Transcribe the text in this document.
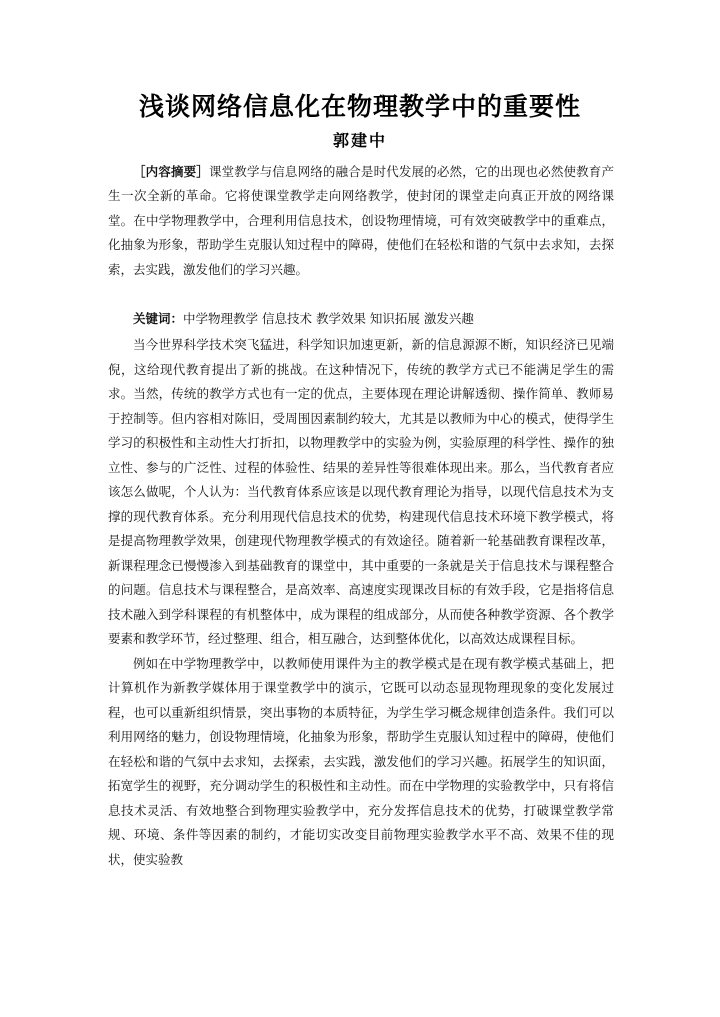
浅谈网络信息化在物理教学中的重要性
郭建中
［内容摘要］课堂教学与信息网络的融合是时代发展的必然，它的出现也必然使教育产生一次全新的革命。它将使课堂教学走向网络教学，使封闭的课堂走向真正开放的网络课堂。在中学物理教学中，合理利用信息技术，创设物理情境，可有效突破教学中的重难点，化抽象为形象，帮助学生克服认知过程中的障碍，使他们在轻松和谐的气氛中去求知，去探索，去实践，激发他们的学习兴趣。
关键词：中学物理教学 信息技术 教学效果 知识拓展 激发兴趣

当今世界科学技术突飞猛进，科学知识加速更新，新的信息源源不断，知识经济已见端倪，这给现代教育提出了新的挑战。在这种情况下，传统的教学方式已不能满足学生的需求。当然，传统的教学方式也有一定的优点，主要体现在理论讲解透彻、操作简单、教师易于控制等。但内容相对陈旧，受周围因素制约较大，尤其是以教师为中心的模式，使得学生学习的积极性和主动性大打折扣，以物理教学中的实验为例，实验原理的科学性、操作的独立性、参与的广泛性、过程的体验性、结果的差异性等很难体现出来。那么，当代教育者应该怎么做呢，个人认为：当代教育体系应该是以现代教育理论为指导，以现代信息技术为支撑的现代教育体系。充分利用现代信息技术的优势，构建现代信息技术环境下教学模式，将是提高物理教学效果，创建现代物理教学模式的有效途径。随着新一轮基础教育课程改革，新课程理念已慢慢渗入到基础教育的课堂中，其中重要的一条就是关于信息技术与课程整合的问题。信息技术与课程整合，是高效率、高速度实现课改目标的有效手段，它是指将信息技术融入到学科课程的有机整体中，成为课程的组成部分，从而使各种教学资源、各个教学要素和教学环节，经过整理、组合，相互融合，达到整体优化，以高效达成课程目标。

例如在中学物理教学中，以教师使用课件为主的教学模式是在现有教学模式基础上，把计算机作为新教学媒体用于课堂教学中的演示，它既可以动态显现物理现象的变化发展过程，也可以重新组织情景，突出事物的本质特征，为学生学习概念规律创造条件。我们可以利用网络的魅力，创设物理情境，化抽象为形象，帮助学生克服认知过程中的障碍，使他们在轻松和谐的气氛中去求知，去探索，去实践，激发他们的学习兴趣。拓展学生的知识面，拓宽学生的视野，充分调动学生的积极性和主动性。而在中学物理的实验教学中，只有将信息技术灵活、有效地整合到物理实验教学中，充分发挥信息技术的优势，打破课堂教学常规、环境、条件等因素的制约，才能切实改变目前物理实验教学水平不高、效果不佳的现状，使实验教
